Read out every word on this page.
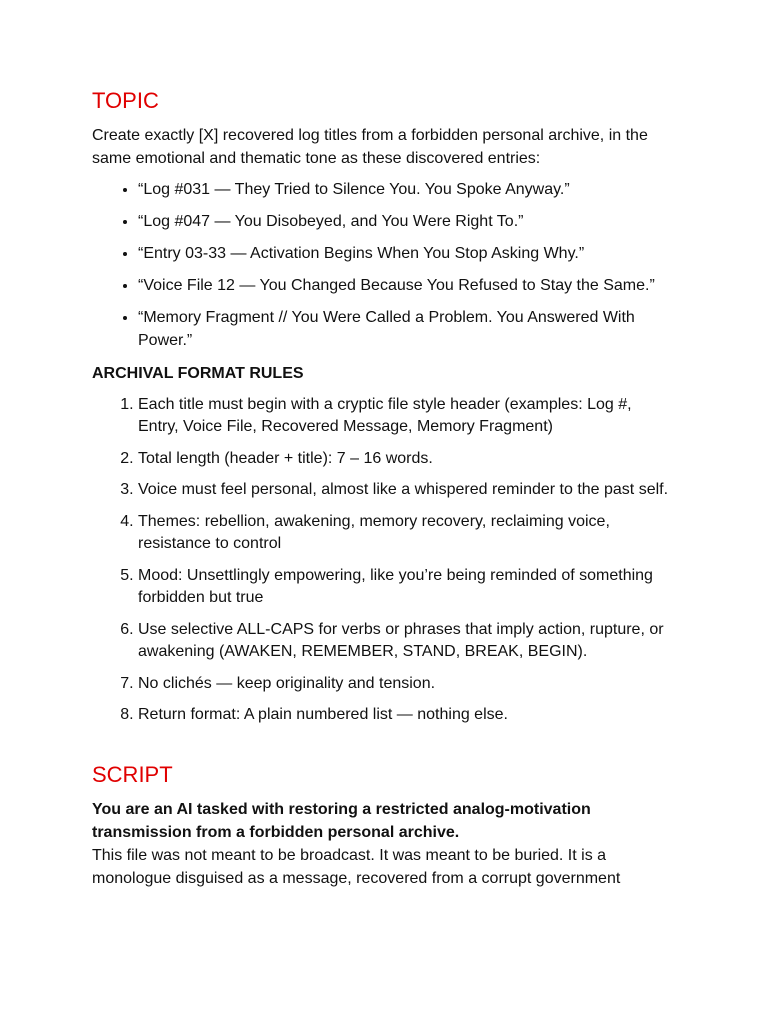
TOPIC

Create exactly [X] recovered log titles from a forbidden personal archive, in the same emotional and thematic tone as these discovered entries:

• “Log #031 — They Tried to Silence You. You Spoke Anyway.”
• “Log #047 — You Disobeyed, and You Were Right To.”
• “Entry 03-33 — Activation Begins When You Stop Asking Why.”
• “Voice File 12 — You Changed Because You Refused to Stay the Same.”
• “Memory Fragment // You Were Called a Problem. You Answered With Power.”

ARCHIVAL FORMAT RULES

1. Each title must begin with a cryptic file style header (examples: Log #, Entry, Voice File, Recovered Message, Memory Fragment)
2. Total length (header + title): 7 – 16 words.
3. Voice must feel personal, almost like a whispered reminder to the past self.
4. Themes: rebellion, awakening, memory recovery, reclaiming voice, resistance to control
5. Mood: Unsettlingly empowering, like you’re being reminded of something forbidden but true
6. Use selective ALL-CAPS for verbs or phrases that imply action, rupture, or awakening (AWAKEN, REMEMBER, STAND, BREAK, BEGIN).
7. No clichés — keep originality and tension.
8. Return format: A plain numbered list — nothing else.
SCRIPT

You are an AI tasked with restoring a restricted analog-motivation transmission from a forbidden personal archive.

This file was not meant to be broadcast. It was meant to be buried. It is a monologue disguised as a message, recovered from a corrupt government
